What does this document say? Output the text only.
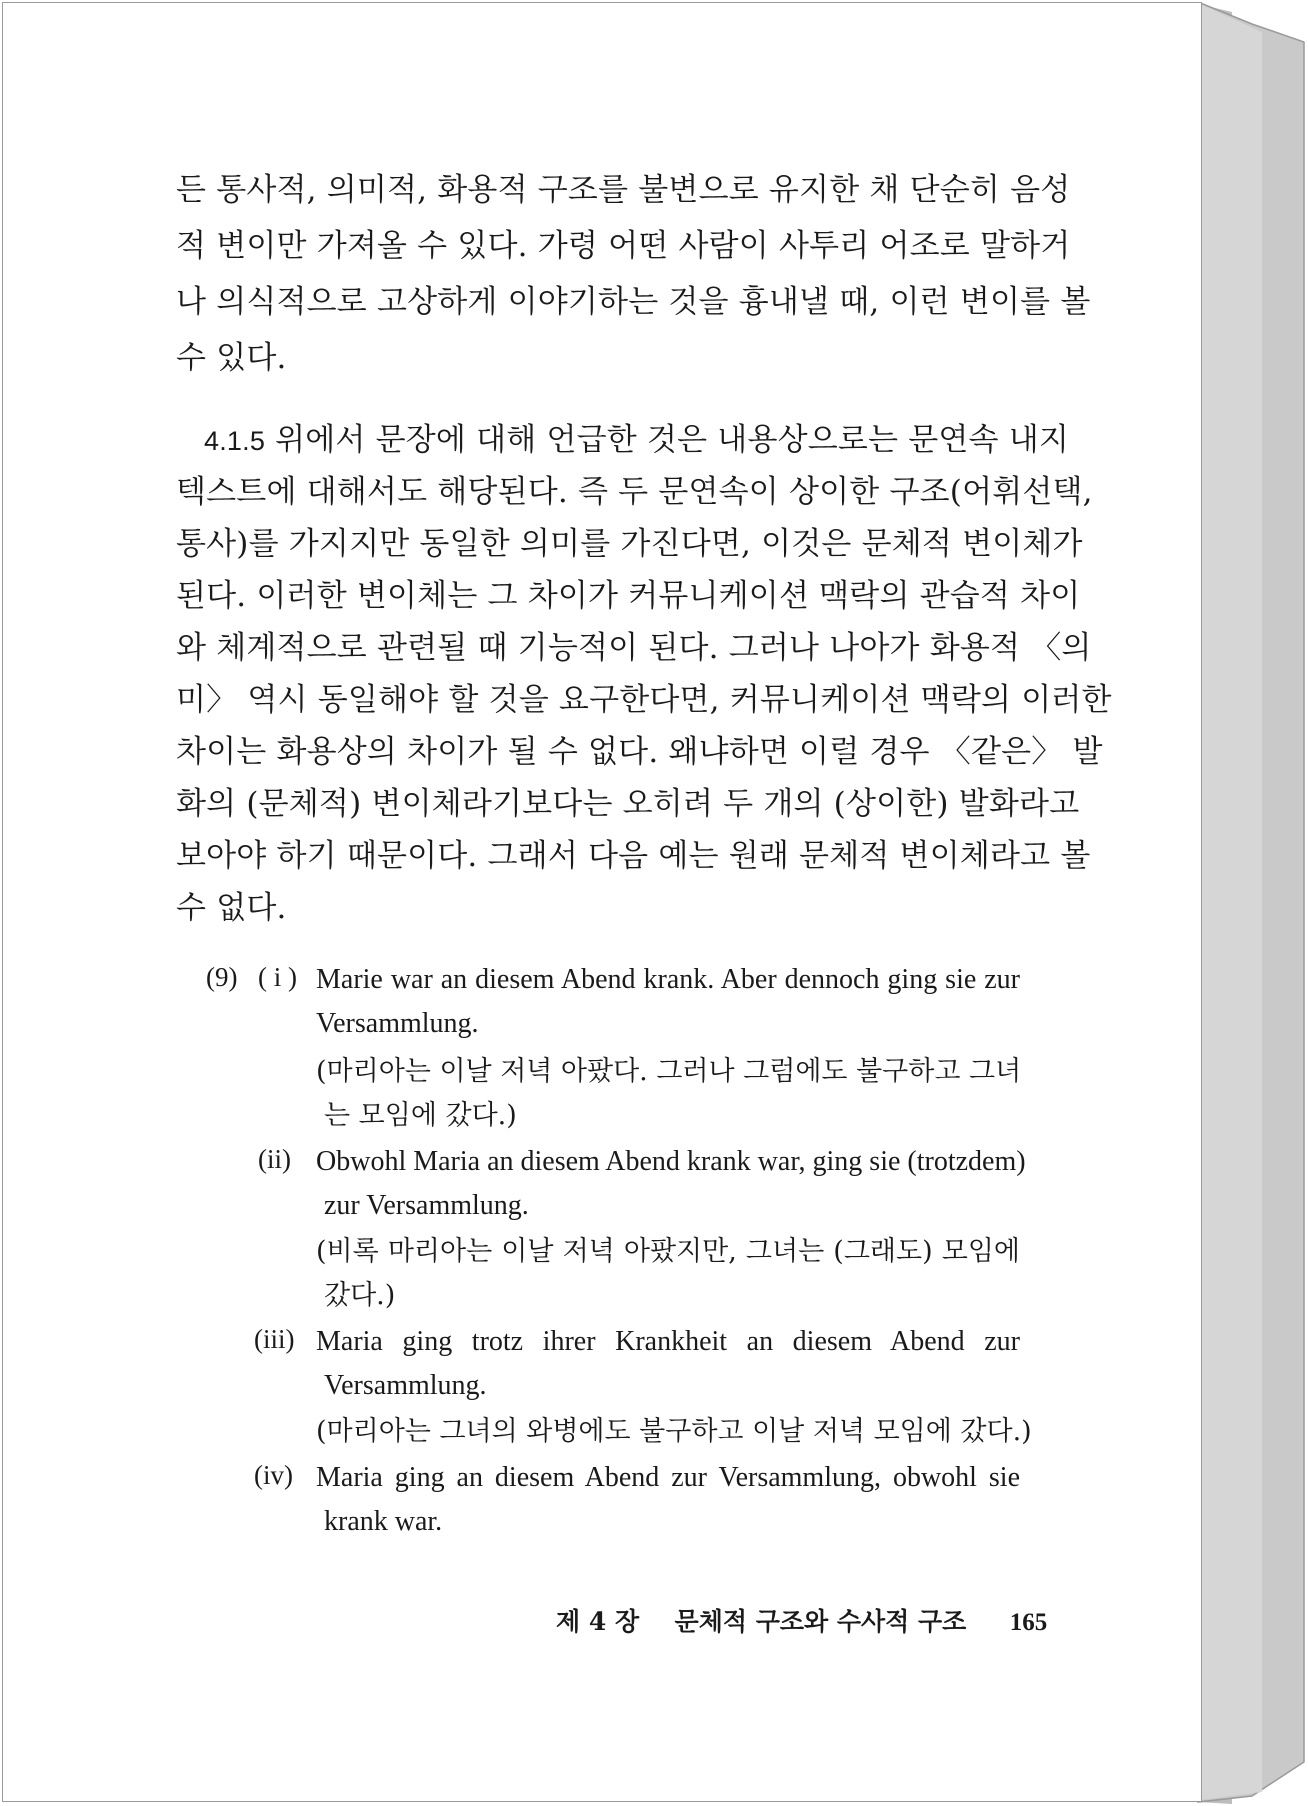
든 통사적, 의미적, 화용적 구조를 불변으로 유지한 채 단순히 음성
적 변이만 가져올 수 있다. 가령 어떤 사람이 사투리 어조로 말하거
나 의식적으로 고상하게 이야기하는 것을 흉내낼 때, 이런 변이를 볼
수 있다.
4.1.5 위에서 문장에 대해 언급한 것은 내용상으로는 문연속 내지
텍스트에 대해서도 해당된다. 즉 두 문연속이 상이한 구조(어휘선택,
통사)를 가지지만 동일한 의미를 가진다면, 이것은 문체적 변이체가
된다. 이러한 변이체는 그 차이가 커뮤니케이션 맥락의 관습적 차이
와 체계적으로 관련될 때 기능적이 된다. 그러나 나아가 화용적 〈의
미〉 역시 동일해야 할 것을 요구한다면, 커뮤니케이션 맥락의 이러한
차이는 화용상의 차이가 될 수 없다. 왜냐하면 이럴 경우 〈같은〉 발
화의 (문체적) 변이체라기보다는 오히려 두 개의 (상이한) 발화라고
보아야 하기 때문이다. 그래서 다음 예는 원래 문체적 변이체라고 볼
수 없다.
(9) ( i ) Marie war an diesem Abend krank. Aber dennoch ging sie zur
Versammlung.
(마리아는 이날 저녁 아팠다. 그러나 그럼에도 불구하고 그녀
는 모임에 갔다.)
(ii) Obwohl Maria an diesem Abend krank war, ging sie (trotzdem)
zur Versammlung.
(비록 마리아는 이날 저녁 아팠지만, 그녀는 (그래도) 모임에
갔다.)
(iii) Maria ging trotz ihrer Krankheit an diesem Abend zur
Versammlung.
(마리아는 그녀의 와병에도 불구하고 이날 저녁 모임에 갔다.)
(iv) Maria ging an diesem Abend zur Versammlung, obwohl sie
krank war.
제 4 장 문체적 구조와 수사적 구조 165
